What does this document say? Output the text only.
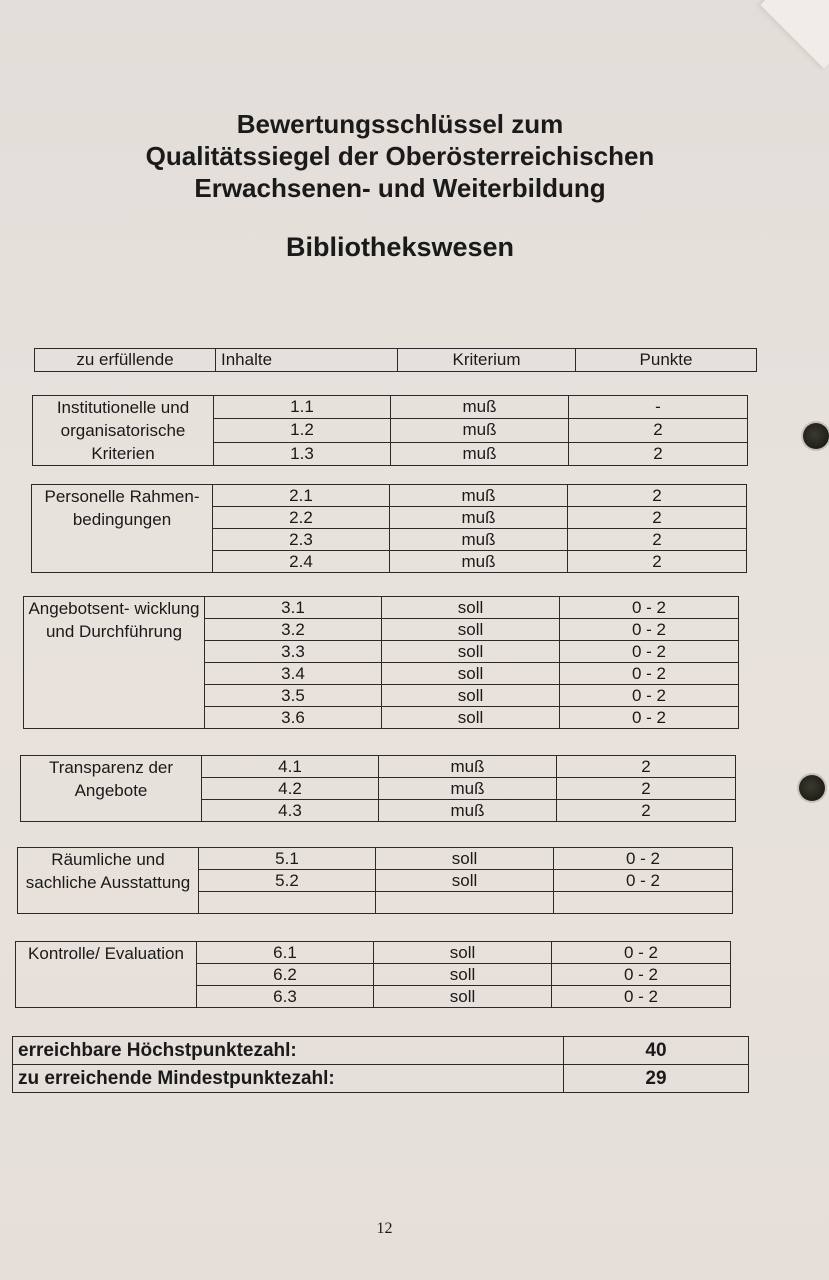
Bewertungsschlüssel zum
Qualitätssiegel der Oberösterreichischen
Erwachsenen- und Weiterbildung
Bibliothekswesen
zu erfüllende	Inhalte	Kriterium	Punkte
Institutionelle und organisatorische Kriterien	1.1	muß	-
	1.2	muß	2
	1.3	muß	2
Personelle Rahmen- bedingungen	2.1	muß	2
	2.2	muß	2
	2.3	muß	2
	2.4	muß	2
Angebotsent- wicklung und Durchführung	3.1	soll	0 - 2
	3.2	soll	0 - 2
	3.3	soll	0 - 2
	3.4	soll	0 - 2
	3.5	soll	0 - 2
	3.6	soll	0 - 2
Transparenz der Angebote	4.1	muß	2
	4.2	muß	2
	4.3	muß	2
Räumliche und sachliche Ausstattung	5.1	soll	0 - 2
	5.2	soll	0 - 2

Kontrolle/ Evaluation	6.1	soll	0 - 2
	6.2	soll	0 - 2
	6.3	soll	0 - 2
erreichbare Höchstpunktezahl:	40
zu erreichende Mindestpunktezahl:	29
12
